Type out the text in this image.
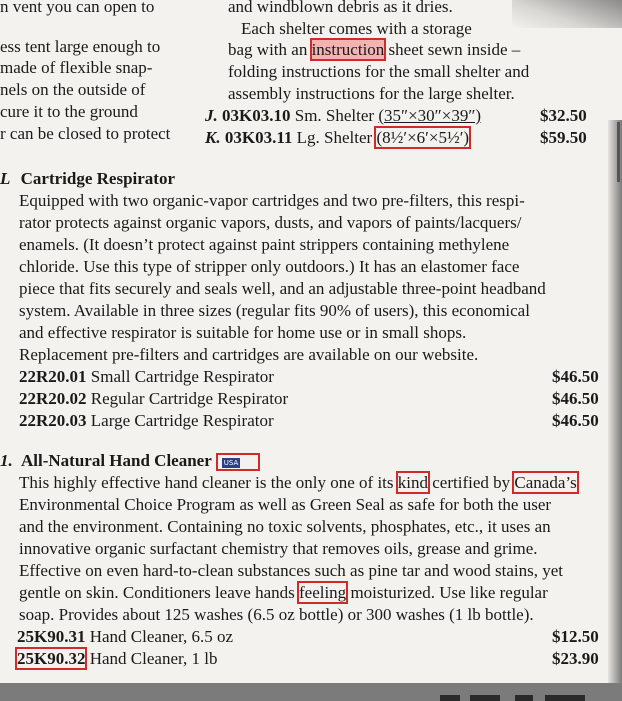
n vent you can open to
ess tent large enough to
made of flexible snap-
nels on the outside of
cure it to the ground
r can be closed to protect
and windblown debris as it dries.
Each shelter comes with a storage
bag with an instruction sheet sewn inside –
folding instructions for the small shelter and
assembly instructions for the large shelter.
J. 03K03.10 Sm. Shelter (35″×30″×39″)	$32.50
K. 03K03.11 Lg. Shelter (8½′×6′×5½′)	$59.50
L Cartridge Respirator
Equipped with two organic-vapor cartridges and two pre-filters, this respi-
rator protects against organic vapors, dusts, and vapors of paints/lacquers/
enamels. (It doesn’t protect against paint strippers containing methylene
chloride. Use this type of stripper only outdoors.) It has an elastomer face
piece that fits securely and seals well, and an adjustable three-point headband
system. Available in three sizes (regular fits 90% of users), this economical
and effective respirator is suitable for home use or in small shops.
Replacement pre-filters and cartridges are available on our website.
22R20.01 Small Cartridge Respirator	$46.50
22R20.02 Regular Cartridge Respirator	$46.50
22R20.03 Large Cartridge Respirator	$46.50
1. All-Natural Hand Cleaner USA
This highly effective hand cleaner is the only one of its kind certified by Canada’s
Environmental Choice Program as well as Green Seal as safe for both the user
and the environment. Containing no toxic solvents, phosphates, etc., it uses an
innovative organic surfactant chemistry that removes oils, grease and grime.
Effective on even hard-to-clean substances such as pine tar and wood stains, yet
gentle on skin. Conditioners leave hands feeling moisturized. Use like regular
soap. Provides about 125 washes (6.5 oz bottle) or 300 washes (1 lb bottle).
25K90.31 Hand Cleaner, 6.5 oz	$12.50
25K90.32 Hand Cleaner, 1 lb	$23.90
